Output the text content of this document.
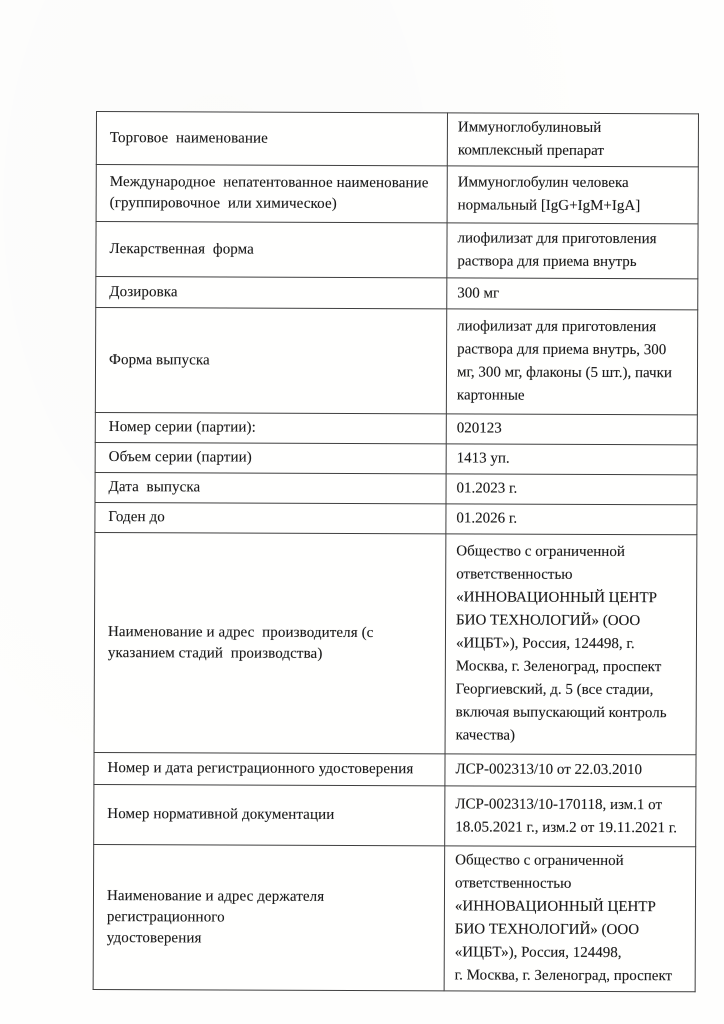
Торговое  наименование	Иммуноглобулиновый
комплексный препарат
Международное  непатентованное наименование
(группировочное  или химическое)	Иммуноглобулин человека
нормальный [IgG+IgM+IgA]
Лекарственная  форма	лиофилизат для приготовления
раствора для приема внутрь
Дозировка	300 мг
Форма выпуска	лиофилизат для приготовления
раствора для приема внутрь, 300
мг, 300 мг, флаконы (5 шт.), пачки
картонные
Номер серии (партии):	020123
Объем серии (партии)	1413 уп.
Дата  выпуска	01.2023 г.
Годен до	01.2026 г.
Наименование и адрес  производителя (с
указанием стадий  производства)	Общество с ограниченной
ответственностью
«ИННОВАЦИОННЫЙ ЦЕНТР
БИО ТЕХНОЛОГИЙ» (ООО
«ИЦБТ»), Россия, 124498, г.
Москва, г. Зеленоград, проспект
Георгиевский, д. 5 (все стадии,
включая выпускающий контроль
качества)
Номер и дата регистрационного удостоверения	ЛСР-002313/10 от 22.03.2010
Номер нормативной документации	ЛСР-002313/10-170118, изм.1 от
18.05.2021 г., изм.2 от 19.11.2021 г.
Наименование и адрес держателя регистрационного
удостоверения	Общество с ограниченной
ответственностью
«ИННОВАЦИОННЫЙ ЦЕНТР
БИО ТЕХНОЛОГИЙ» (ООО
«ИЦБТ»), Россия, 124498,
г. Москва, г. Зеленоград, проспект
